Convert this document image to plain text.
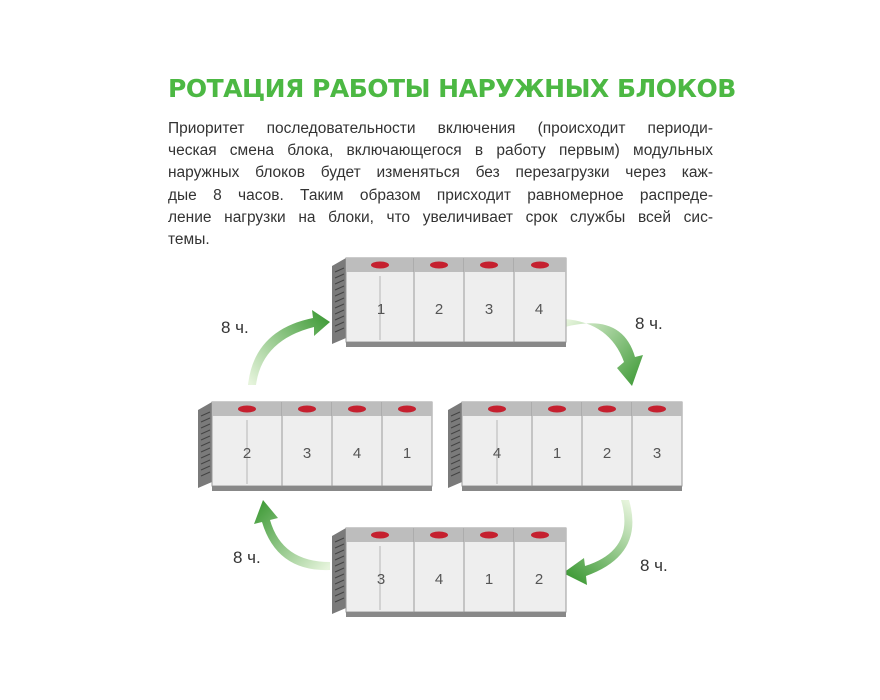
РОТАЦИЯ РАБОТЫ НАРУЖНЫХ БЛОКОВ
Приоритет последовательности включения (происходит периоди-
ческая смена блока, включающегося в работу первым) модульных
наружных блоков будет изменяться без перезагрузки через каж-
дые 8 часов. Таким образом присходит равномерное распреде-
ление нагрузки на блоки, что увеличивает срок службы всей сис-
темы.
1	2	3	4
2	3	4	1	4	1	2	3
3	4	1	2
8 ч.
8 ч.
8 ч.
8 ч.
